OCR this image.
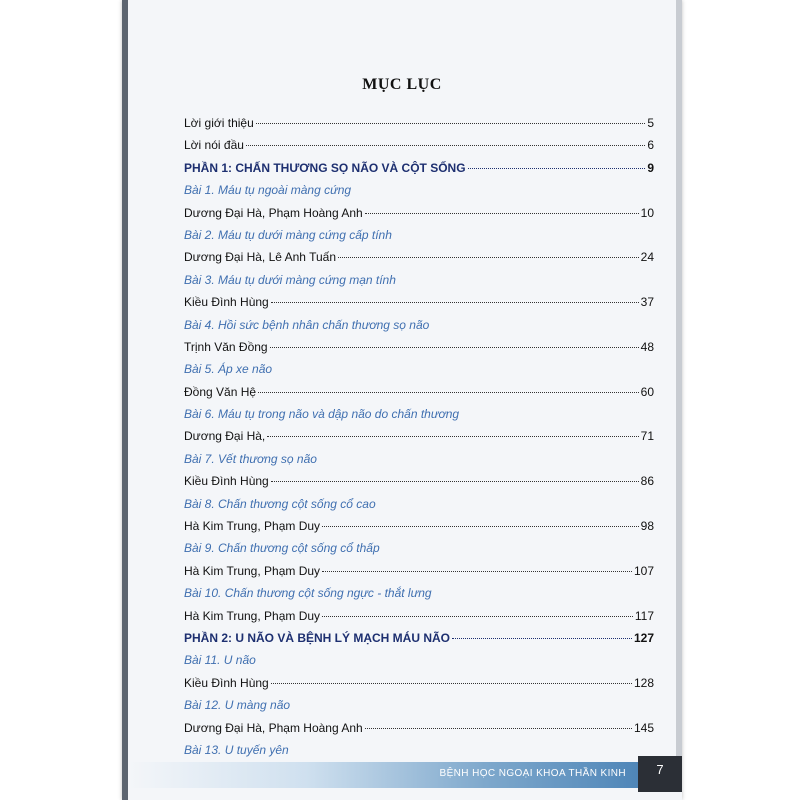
MỤC LỤC
Lời giới thiệu	5
Lời nói đầu	6
PHẦN 1: CHẤN THƯƠNG SỌ NÃO VÀ CỘT SỐNG	9
Bài 1. Máu tụ ngoài màng cứng
Dương Đại Hà, Phạm Hoàng Anh	10
Bài 2. Máu tụ dưới màng cứng cấp tính
Dương Đại Hà, Lê Anh Tuấn	24
Bài 3. Máu tụ dưới màng cứng mạn tính
Kiều Đình Hùng	37
Bài 4. Hồi sức bệnh nhân chấn thương sọ não
Trịnh Văn Đồng	48
Bài 5. Áp xe não
Đồng Văn Hệ	60
Bài 6. Máu tụ trong não và dập não do chấn thương
Dương Đại Hà,	71
Bài 7. Vết thương sọ não
Kiều Đình Hùng	86
Bài 8. Chấn thương cột sống cổ cao
Hà Kim Trung, Phạm Duy	98
Bài 9. Chấn thương cột sống cổ thấp
Hà Kim Trung, Phạm Duy	107
Bài 10. Chấn thương cột sống ngực - thắt lưng
Hà Kim Trung, Phạm Duy	117
PHẦN 2: U NÃO VÀ BỆNH LÝ MẠCH MÁU NÃO	127
Bài 11. U não
Kiều Đình Hùng	128
Bài 12. U màng não
Dương Đại Hà, Phạm Hoàng Anh	145
Bài 13. U tuyến yên
BỆNH HỌC NGOẠI KHOA THẦN KINH	7
